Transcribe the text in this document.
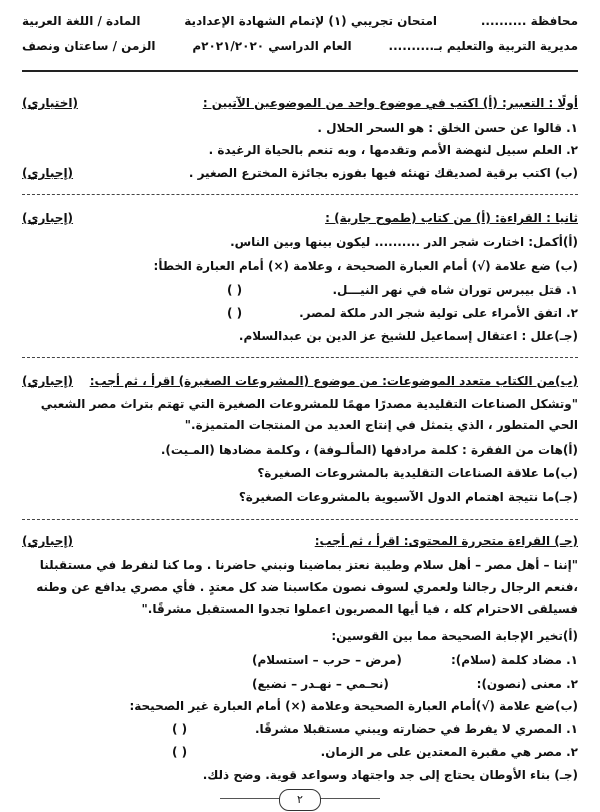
محافظة ..........
امتحان تجريبي (١) لإتمام الشهادة الإعدادية
المادة / اللغة العربية
مديرية التربية والتعليم بـ..........
العام الدراسي ٢٠٢١/٢٠٢٠م
الزمن / ساعتان ونصف
أولًا : التعبير: (أ) اكتب في موضوع واحد من الموضوعين الآتيين :
(اختياري)
١. قالوا عن حسن الخلق : هو السحر الحلال .
٢. العلم سبيل لنهضة الأمم وتقدمها ، وبه تنعم بالحياة الرغيدة .
(ب) اكتب برقية لصديقك تهنئه فيها بفوزه بجائزة المخترع الصغير .
(إجباري)
ثانيا : القراءة: (أ) من كتاب (طموح جارية) :
(إجباري)
(أ)أكمل: اختارت شجر الدر .......... ليكون بينها وبين الناس.
(ب) ضع علامة (√) أمام العبارة الصحيحة ، وعلامة (×) أمام العبارة الخطأ:
١. قتل بيبرس توران شاه في نهر النيـــل.
( )
٢. اتفق الأمراء على تولية شجر الدر ملكة لمصر.
( )
(جـ)علل : اعتقال إسماعيل للشيخ عز الدين بن عبدالسلام.
(ب)من الكتاب متعدد الموضوعات: من موضوع (المشروعات الصغيرة) اقرأ ، ثم أجب:
(إجباري)
"وتشكل الصناعات التقليدية مصدرًا مهمًا للمشروعات الصغيرة التي تهتم بتراث مصر الشعبي الحي المتطور ، الذي يتمثل في إنتاج العديد من المنتجات المتميزة."
(أ)هات من الفقرة : كلمة مرادفها (المألـوفة) ، وكلمة مضادها (المـيت).
(ب)ما علاقة الصناعات التقليدية بالمشروعات الصغيرة؟
(جـ)ما نتيجة اهتمام الدول الآسيوية بالمشروعات الصغيرة؟
(جـ) القراءة متحررة المحتوى: اقرأ ، ثم أجب:
(إجباري)
"إننا – أهل مصر – أهل سلام وطيبة نعتز بماضينا ونبني حاضرنا . وما كنا لنفرط في مستقبلنا ،فنعم الرجال رجالنا ولعمري لسوف نصون مكاسبنا ضد كل معتدٍ . فأي مصري يدافع عن وطنه فسيلقى الاحترام كله ، فيا أيها المصريون اعملوا تجدوا المستقبل مشرقًا."
(أ)تخير الإجابة الصحيحة مما بين القوسين:
١. مضاد كلمة (سلام):
(مرض – حرب – استسلام)
٢. معنى (نصون):
(نحـمي – نهـدر – نضيع)
(ب)ضع علامة (√)أمام العبارة الصحيحة وعلامة (×) أمام العبارة غير الصحيحة:
١. المصري لا يفرط في حضارته ويبني مستقبلا مشرقًا.
( )
٢. مصر هي مقبرة المعتدين على مر الزمان.
( )
(جـ) بناء الأوطان يحتاج إلى جد واجتهاد وسواعد قوية. وضح ذلك.
٢
